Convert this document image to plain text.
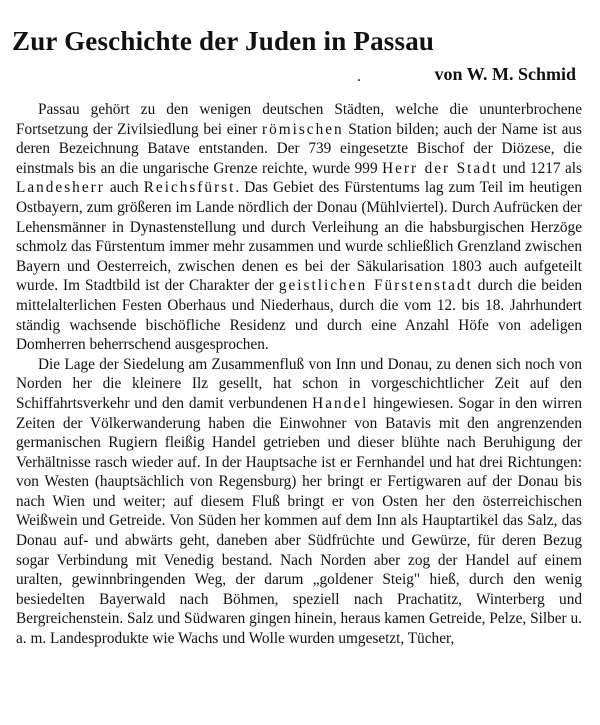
Zur Geschichte der Juden in Passau
.	von W. M. Schmid

Passau gehört zu den wenigen deutschen Städten, welche die ununterbrochene Fortsetzung der Zivilsiedlung bei einer römischen Station bilden; auch der Name ist aus deren Bezeichnung Batave entstanden. Der 739 eingesetzte Bischof der Diözese, die einstmals bis an die ungarische Grenze reichte, wurde 999 Herr der Stadt und 1217 als Landesherr auch Reichsfürst. Das Gebiet des Fürstentums lag zum Teil im heutigen Ostbayern, zum größeren im Lande nördlich der Donau (Mühlviertel). Durch Aufrücken der Lehensmänner in Dynastenstellung und durch Verleihung an die habsburgischen Herzöge schmolz das Fürstentum immer mehr zusammen und wurde schließlich Grenzland zwischen Bayern und Oesterreich, zwischen denen es bei der Säkularisation 1803 auch aufgeteilt wurde. Im Stadtbild ist der Charakter der geistlichen Fürstenstadt durch die beiden mittelalterlichen Festen Oberhaus und Niederhaus, durch die vom 12. bis 18. Jahrhundert ständig wachsende bischöfliche Residenz und durch eine Anzahl Höfe von adeligen Domherren beherrschend ausgesprochen.

Die Lage der Siedelung am Zusammenfluß von Inn und Donau, zu denen sich noch von Norden her die kleinere Ilz gesellt, hat schon in vorgeschichtlicher Zeit auf den Schiffahrtsverkehr und den damit verbundenen Handel hingewiesen. Sogar in den wirren Zeiten der Völkerwanderung haben die Einwohner von Batavis mit den angrenzenden germanischen Rugiern fleißig Handel getrieben und dieser blühte nach Beruhigung der Verhältnisse rasch wieder auf. In der Hauptsache ist er Fernhandel und hat drei Richtungen: von Westen (hauptsächlich von Regensburg) her bringt er Fertigwaren auf der Donau bis nach Wien und weiter; auf diesem Fluß bringt er von Osten her den österreichischen Weißwein und Getreide. Von Süden her kommen auf dem Inn als Hauptartikel das Salz, das Donau auf- und abwärts geht, daneben aber Südfrüchte und Gewürze, für deren Bezug sogar Verbindung mit Venedig bestand. Nach Norden aber zog der Handel auf einem uralten, gewinnbringenden Weg, der darum „goldener Steig" hieß, durch den wenig besiedelten Bayerwald nach Böhmen, speziell nach Prachatitz, Winterberg und Bergreichenstein. Salz und Südwaren gingen hinein, heraus kamen Getreide, Pelze, Silber u. a. m. Landesprodukte wie Wachs und Wolle wurden umgesetzt, Tücher,
